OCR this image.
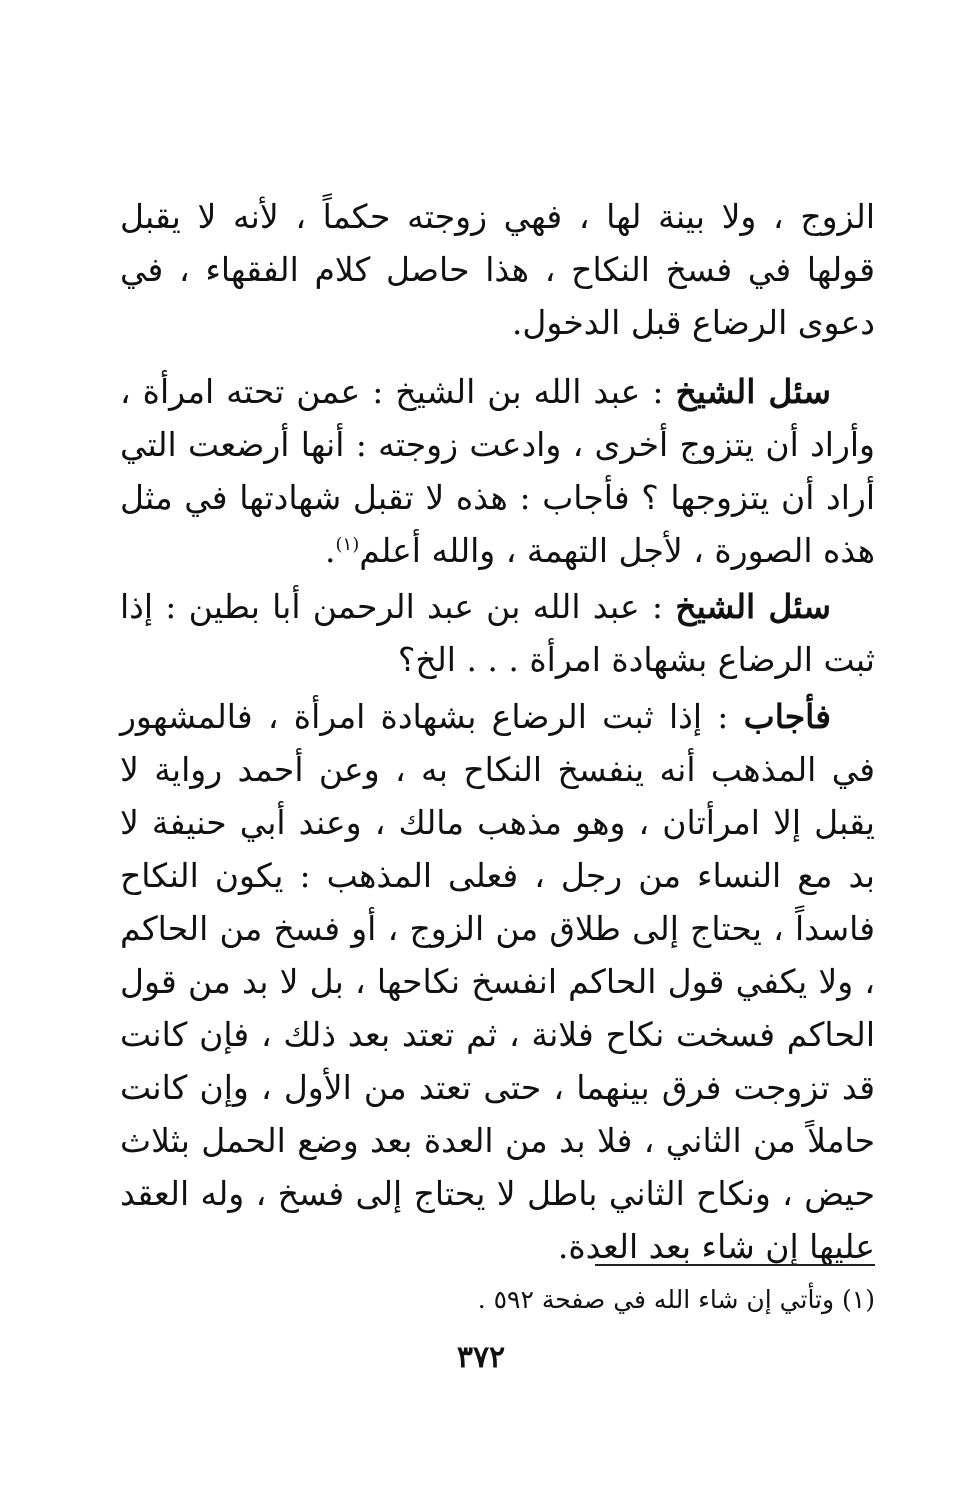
الزوج ، ولا بينة لها ، فهي زوجته حكماً ، لأنه لا يقبل قولها في فسخ النكاح ، هذا حاصل كلام الفقهاء ، في دعوى الرضاع قبل الدخول.

سئل الشيخ : عبد الله بن الشيخ : عمن تحته امرأة ، وأراد أن يتزوج أخرى ، وادعت زوجته : أنها أرضعت التي أراد أن يتزوجها ؟ فأجاب : هذه لا تقبل شهادتها في مثل هذه الصورة ، لأجل التهمة ، والله أعلم$^{(١)}$.

سئل الشيخ : عبد الله بن عبد الرحمن أبا بطين : إذا ثبت الرضاع بشهادة امرأة . . . الخ؟

فأجاب : إذا ثبت الرضاع بشهادة امرأة ، فالمشهور في المذهب أنه ينفسخ النكاح به ، وعن أحمد رواية لا يقبل إلا امرأتان ، وهو مذهب مالك ، وعند أبي حنيفة لا بد مع النساء من رجل ، فعلى المذهب : يكون النكاح فاسداً ، يحتاج إلى طلاق من الزوج ، أو فسخ من الحاكم ، ولا يكفي قول الحاكم انفسخ نكاحها ، بل لا بد من قول الحاكم فسخت نكاح فلانة ، ثم تعتد بعد ذلك ، فإن كانت قد تزوجت فرق بينهما ، حتى تعتد من الأول ، وإن كانت حاملاً من الثاني ، فلا بد من العدة بعد وضع الحمل بثلاث حيض ، ونكاح الثاني باطل لا يحتاج إلى فسخ ، وله العقد عليها إن شاء بعد العدة.

(١) وتأتي إن شاء الله في صفحة ٥٩٢ .
٣٧٢
